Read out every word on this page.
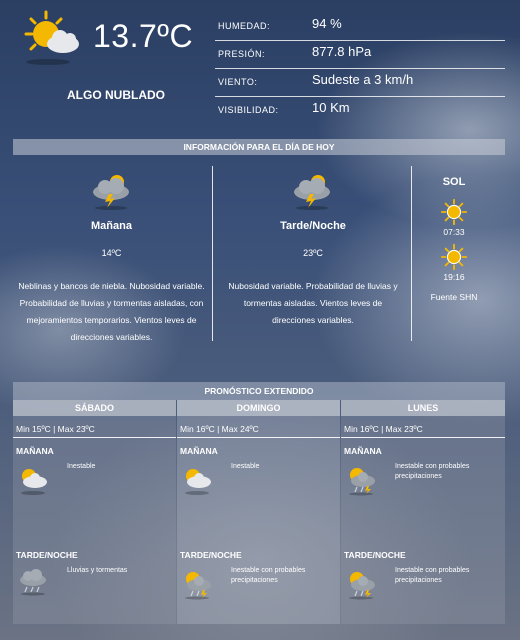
13.7ºC
ALGO NUBLADO
HUMEDAD:	94 %
PRESIÓN:	877.8 hPa
VIENTO:	Sudeste a 3 km/h
VISIBILIDAD:	10 Km
INFORMACIÓN PARA EL DÍA DE HOY
Mañana
14ºC
Neblinas y bancos de niebla. Nubosidad variable. Probabilidad de lluvias y tormentas aisladas, con mejoramientos temporarios. Vientos leves de direcciones variables.
Tarde/Noche
23ºC
Nubosidad variable. Probabilidad de lluvias y tormentas aisladas. Vientos leves de direcciones variables.
SOL
07:33
19:16
Fuente SHN
PRONÓSTICO EXTENDIDO
SÁBADO
Min 15ºC | Max 23ºC
MAÑANA
Inestable
TARDE/NOCHE
Lluvias y tormentas
DOMINGO
Min 16ºC | Max 24ºC
MAÑANA
Inestable
TARDE/NOCHE
Inestable con probables precipitaciones
LUNES
Min 16ºC | Max 23ºC
MAÑANA
Inestable con probables precipitaciones
TARDE/NOCHE
Inestable con probables precipitaciones
